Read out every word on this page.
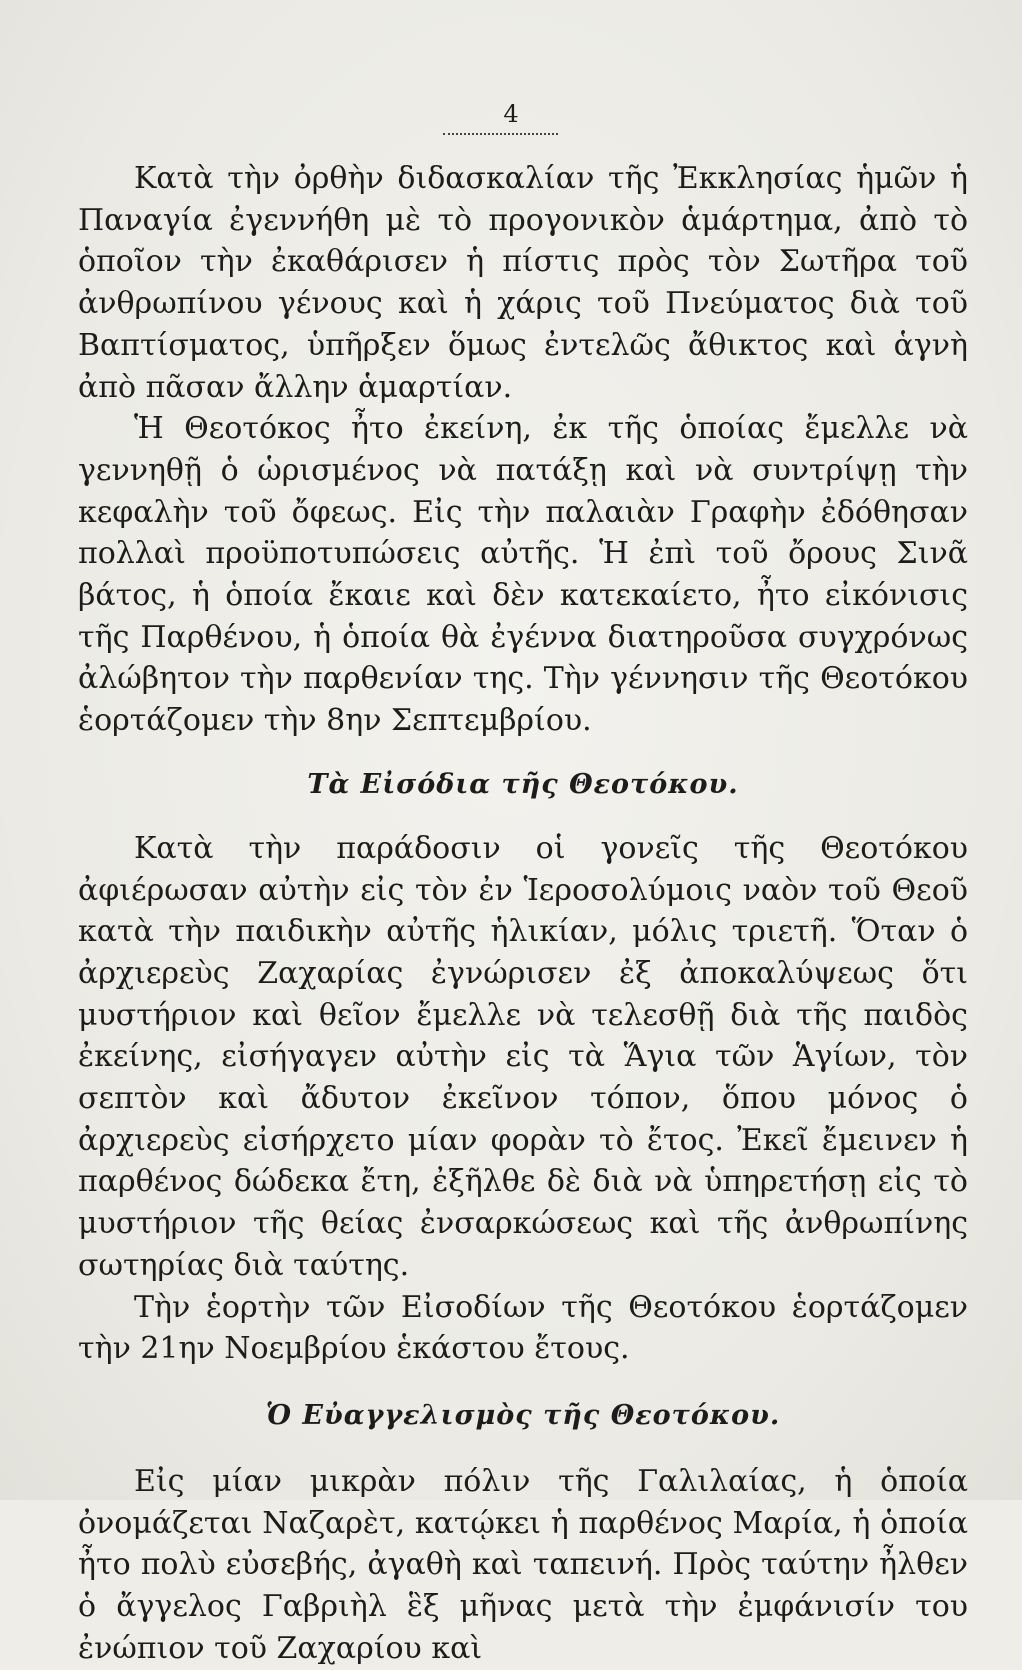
4

Κατὰ τὴν ὀρθὴν διδασκαλίαν τῆς Ἐκκλησίας ἡμῶν ἡ Παναγία ἐγεννήθη μὲ τὸ προγονικὸν ἁμάρτημα, ἀπὸ τὸ ὁποῖον τὴν ἐκαθάρισεν ἡ πίστις πρὸς τὸν Σωτῆρα τοῦ ἀνθρωπίνου γένους καὶ ἡ χάρις τοῦ Πνεύματος διὰ τοῦ Βαπτίσματος, ὑπῆρξεν ὅμως ἐντελῶς ἄθικτος καὶ ἁγνὴ ἀπὸ πᾶσαν ἄλλην ἁμαρτίαν.

Ἡ Θεοτόκος ἦτο ἐκείνη, ἐκ τῆς ὁποίας ἔμελλε νὰ γεννηθῇ ὁ ὡρισμένος νὰ πατάξῃ καὶ νὰ συντρίψῃ τὴν κεφαλὴν τοῦ ὄφεως. Εἰς τὴν παλαιὰν Γραφὴν ἐδόθησαν πολλαὶ προϋποτυπώσεις αὐτῆς. Ἡ ἐπὶ τοῦ ὄρους Σινᾶ βάτος, ἡ ὁποία ἔκαιε καὶ δὲν κατεκαίετο, ἦτο εἰκόνισις τῆς Παρθένου, ἡ ὁποία θὰ ἐγέννα διατηροῦσα συγχρόνως ἀλώβητον τὴν παρθενίαν της. Τὴν γέννησιν τῆς Θεοτόκου ἑορτάζομεν τὴν 8ην Σεπτεμβρίου.

Τὰ Εἰσόδια τῆς Θεοτόκου.

Κατὰ τὴν παράδοσιν οἱ γονεῖς τῆς Θεοτόκου ἀφιέρωσαν αὐτὴν εἰς τὸν ἐν Ἱεροσολύμοις ναὸν τοῦ Θεοῦ κατὰ τὴν παιδικὴν αὐτῆς ἡλικίαν, μόλις τριετῆ. Ὅταν ὁ ἀρχιερεὺς Ζαχαρίας ἐγνώρισεν ἐξ ἀποκαλύψεως ὅτι μυστήριον καὶ θεῖον ἔμελλε νὰ τελεσθῇ διὰ τῆς παιδὸς ἐκείνης, εἰσήγαγεν αὐτὴν εἰς τὰ Ἅγια τῶν Ἁγίων, τὸν σεπτὸν καὶ ἄδυτον ἐκεῖνον τόπον, ὅπου μόνος ὁ ἀρχιερεὺς εἰσήρχετο μίαν φορὰν τὸ ἔτος. Ἐκεῖ ἔμεινεν ἡ παρθένος δώδεκα ἔτη, ἐξῆλθε δὲ διὰ νὰ ὑπηρετήσῃ εἰς τὸ μυστήριον τῆς θείας ἐνσαρκώσεως καὶ τῆς ἀνθρωπίνης σωτηρίας διὰ ταύτης.

Τὴν ἑορτὴν τῶν Εἰσοδίων τῆς Θεοτόκου ἑορτάζομεν τὴν 21ην Νοεμβρίου ἑκάστου ἔτους.

Ὁ Εὐαγγελισμὸς τῆς Θεοτόκου.

Εἰς μίαν μικρὰν πόλιν τῆς Γαλιλαίας, ἡ ὁποία ὀνομάζεται Ναζαρὲτ, κατῴκει ἡ παρθένος Μαρία, ἡ ὁποία ἦτο πολὺ εὐσεβής, ἀγαθὴ καὶ ταπεινή. Πρὸς ταύτην ἦλθεν ὁ ἄγγελος Γαβριὴλ ἓξ μῆνας μετὰ τὴν ἐμφάνισίν του ἐνώπιον τοῦ Ζαχαρίου καὶ
